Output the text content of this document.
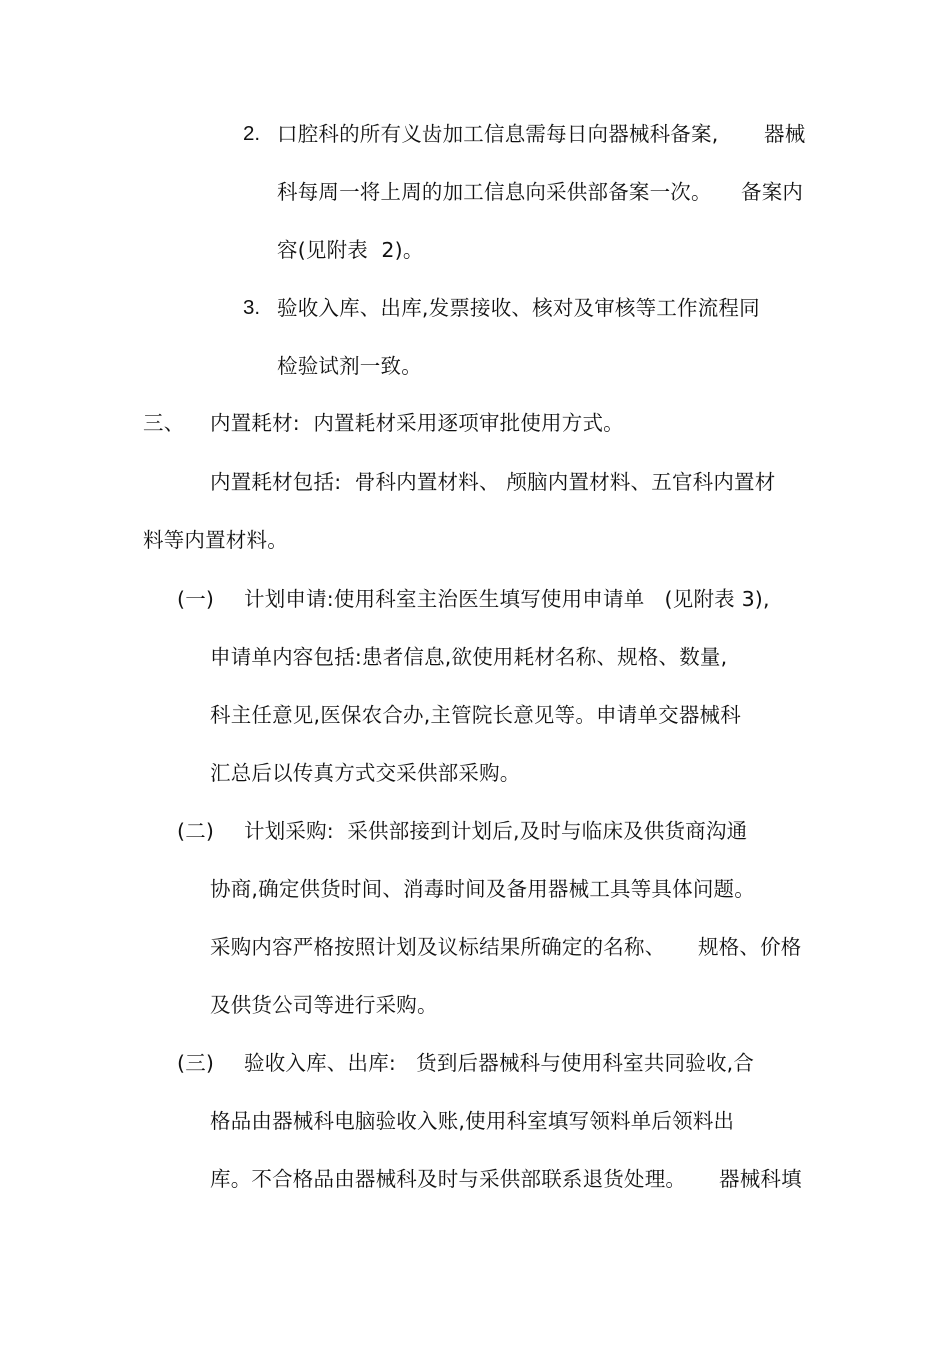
2. 口腔科的所有义齿加工信息需每日向器械科备案, 器械
科每周一将上周的加工信息向采供部备案一次。 备案内
容(见附表  2)。
3. 验收入库、出库,发票接收、核对及审核等工作流程同
检验试剂一致。
三、 内置耗材:  内置耗材采用逐项审批使用方式。
内置耗材包括:  骨科内置材料、 颅脑内置材料、五官科内置材
料等内置材料。
(一) 计划申请:使用科室主治医生填写使用申请单   (见附表 3),
申请单内容包括:患者信息,欲使用耗材名称、规格、数量,
科主任意见,医保农合办,主管院长意见等。申请单交器械科
汇总后以传真方式交采供部采购。
(二) 计划采购:  采供部接到计划后,及时与临床及供货商沟通
协商,确定供货时间、消毒时间及备用器械工具等具体问题。
采购内容严格按照计划及议标结果所确定的名称、 规格、价格
及供货公司等进行采购。
(三) 验收入库、出库:   货到后器械科与使用科室共同验收,合
格品由器械科电脑验收入账,使用科室填写领料单后领料出
库。不合格品由器械科及时与采供部联系退货处理。 器械科填
